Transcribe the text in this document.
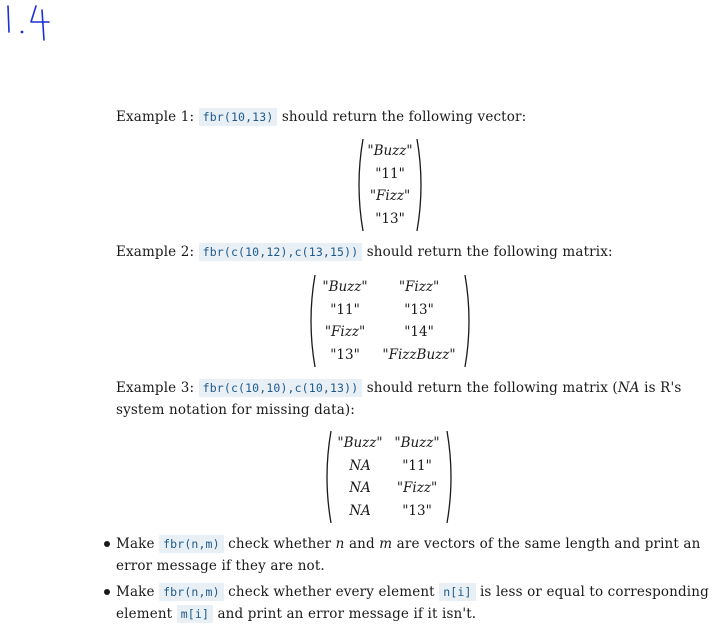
Example 1: fbr(10,13) should return the following vector:
"Buzz"
"11"
"Fizz"
"13"
Example 2: fbr(c(10,12),c(13,15)) should return the following matrix:
"Buzz"	"Fizz"
"11"	"13"
"Fizz"	"14"
"13"	"FizzBuzz"
Example 3: fbr(c(10,10),c(10,13)) should return the following matrix (NA is R's
system notation for missing data):
"Buzz" "Buzz"
NA	"11"
NA	"Fizz"
NA	"13"
Make fbr(n,m) check whether n and m are vectors of the same length and print an
error message if they are not.
Make fbr(n,m) check whether every element n[i] is less or equal to corresponding
element m[i] and print an error message if it isn't.
